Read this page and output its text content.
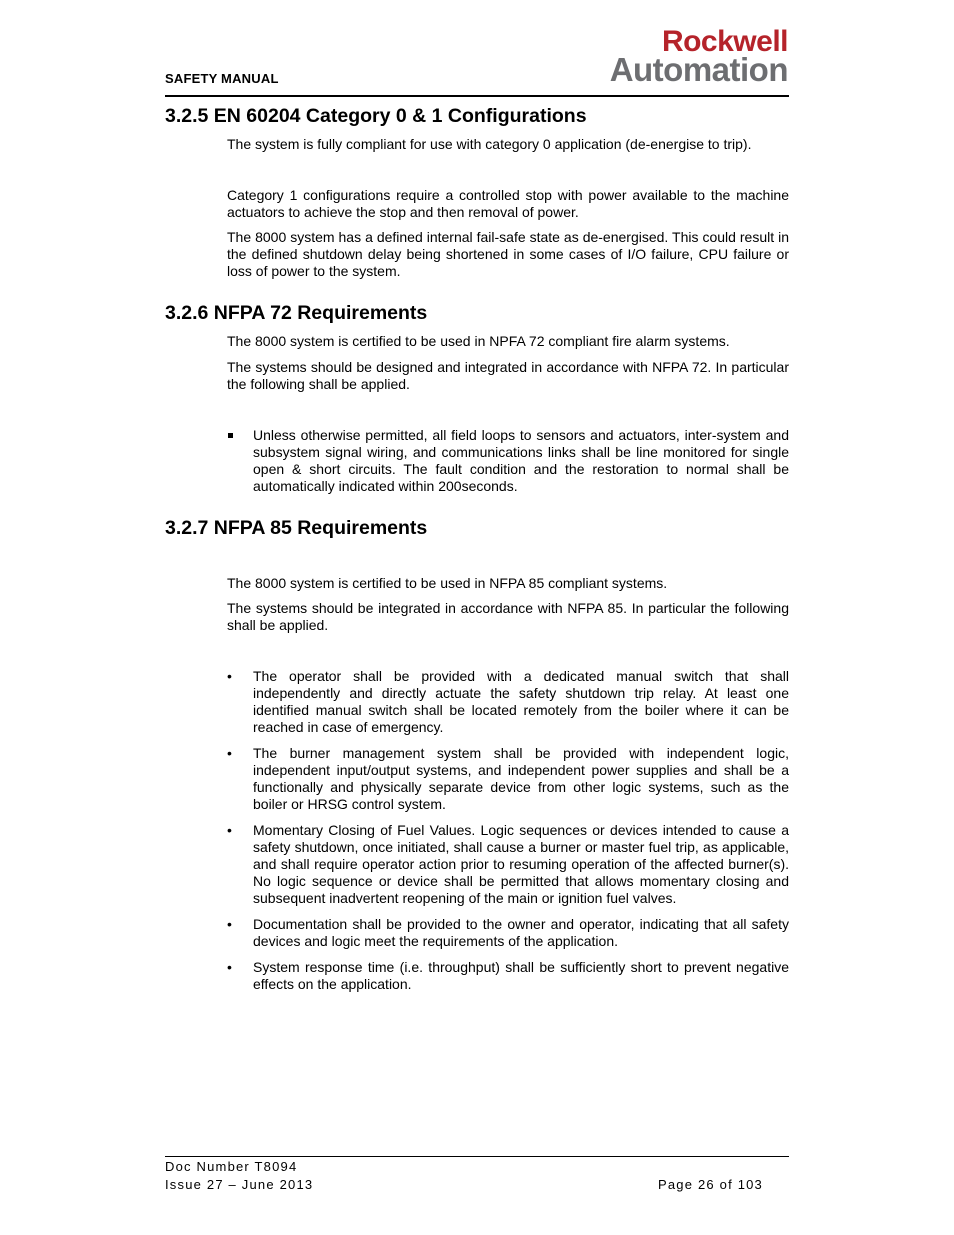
SAFETY MANUAL
Rockwell
Automation
3.2.5 EN 60204 Category 0 & 1 Configurations
The system is fully compliant for use with category 0 application (de-energise to trip).
Category 1 configurations require a controlled stop with power available to the machine actuators to achieve the stop and then removal of power.
The 8000 system has a defined internal fail-safe state as de-energised. This could result in the defined shutdown delay being shortened in some cases of I/O failure, CPU failure or loss of power to the system.
3.2.6 NFPA 72 Requirements
The 8000 system is certified to be used in NPFA 72 compliant fire alarm systems.
The systems should be designed and integrated in accordance with NFPA 72. In particular the following shall be applied.
Unless otherwise permitted, all field loops to sensors and actuators, inter-system and subsystem signal wiring, and communications links shall be line monitored for single open & short circuits. The fault condition and the restoration to normal shall be automatically indicated within 200seconds.
3.2.7 NFPA 85 Requirements
The 8000 system is certified to be used in NFPA 85 compliant systems.
The systems should be integrated in accordance with NFPA 85. In particular the following shall be applied.
•	The operator shall be provided with a dedicated manual switch that shall independently and directly actuate the safety shutdown trip relay. At least one identified manual switch shall be located remotely from the boiler where it can be reached in case of emergency.
•	The burner management system shall be provided with independent logic, independent input/output systems, and independent power supplies and shall be a functionally and physically separate device from other logic systems, such as the boiler or HRSG control system.
•	Momentary Closing of Fuel Values. Logic sequences or devices intended to cause a safety shutdown, once initiated, shall cause a burner or master fuel trip, as applicable, and shall require operator action prior to resuming operation of the affected burner(s). No logic sequence or device shall be permitted that allows momentary closing and subsequent inadvertent reopening of the main or ignition fuel valves.
•	Documentation shall be provided to the owner and operator, indicating that all safety devices and logic meet the requirements of the application.
•	System response time (i.e. throughput) shall be sufficiently short to prevent negative effects on the application.
Doc Number T8094
Issue 27 – June 2013	Page 26 of 103
